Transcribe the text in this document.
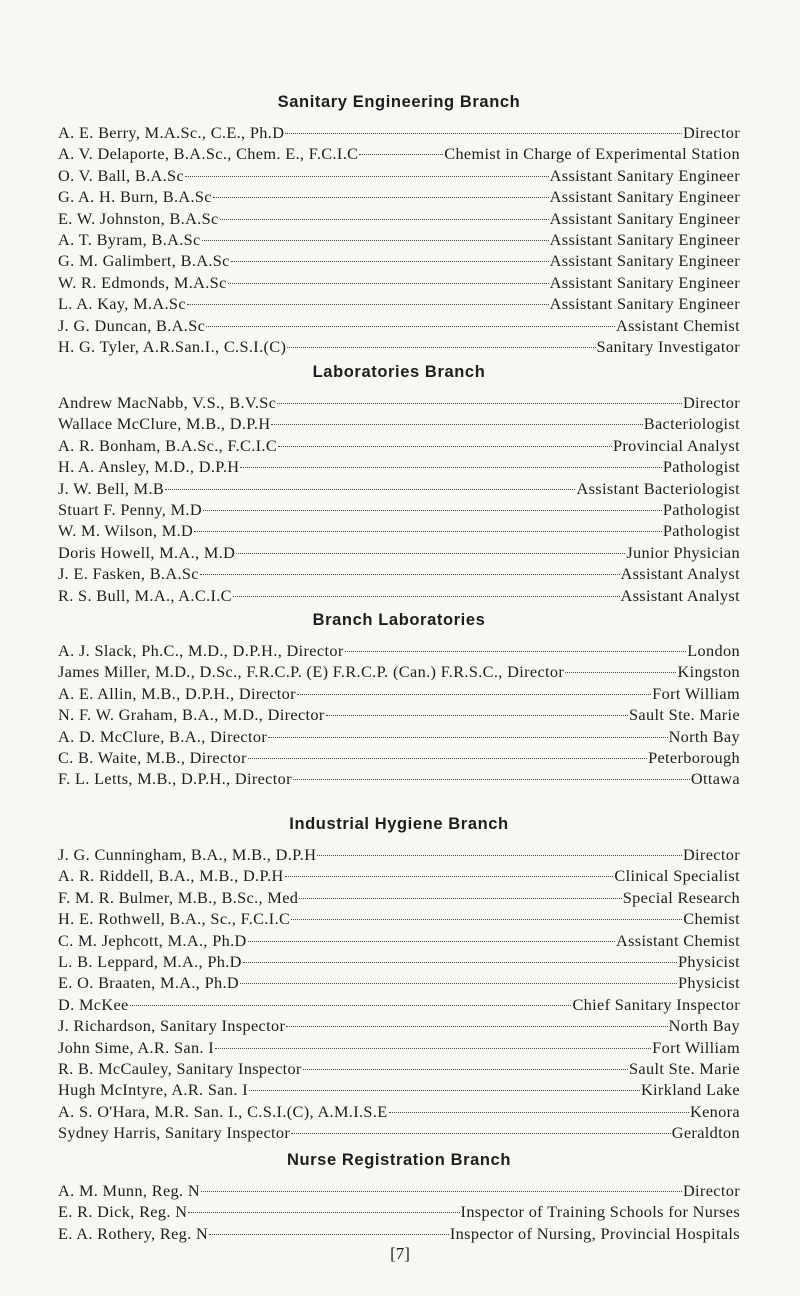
Sanitary Engineering Branch
A. E. Berry, M.A.Sc., C.E., Ph.D	Director
A. V. Delaporte, B.A.Sc., Chem. E., F.C.I.C	Chemist in Charge of Experimental Station
O. V. Ball, B.A.Sc	Assistant Sanitary Engineer
G. A. H. Burn, B.A.Sc	Assistant Sanitary Engineer
E. W. Johnston, B.A.Sc	Assistant Sanitary Engineer
A. T. Byram, B.A.Sc	Assistant Sanitary Engineer
G. M. Galimbert, B.A.Sc	Assistant Sanitary Engineer
W. R. Edmonds, M.A.Sc	Assistant Sanitary Engineer
L. A. Kay, M.A.Sc	Assistant Sanitary Engineer
J. G. Duncan, B.A.Sc	Assistant Chemist
H. G. Tyler, A.R.San.I., C.S.I.(C)	Sanitary Investigator
Laboratories Branch
Andrew MacNabb, V.S., B.V.Sc	Director
Wallace McClure, M.B., D.P.H	Bacteriologist
A. R. Bonham, B.A.Sc., F.C.I.C	Provincial Analyst
H. A. Ansley, M.D., D.P.H	Pathologist
J. W. Bell, M.B	Assistant Bacteriologist
Stuart F. Penny, M.D	Pathologist
W. M. Wilson, M.D	Pathologist
Doris Howell, M.A., M.D	Junior Physician
J. E. Fasken, B.A.Sc	Assistant Analyst
R. S. Bull, M.A., A.C.I.C	Assistant Analyst
Branch Laboratories
A. J. Slack, Ph.C., M.D., D.P.H., Director	London
James Miller, M.D., D.Sc., F.R.C.P. (E) F.R.C.P. (Can.) F.R.S.C., Director	Kingston
A. E. Allin, M.B., D.P.H., Director	Fort William
N. F. W. Graham, B.A., M.D., Director	Sault Ste. Marie
A. D. McClure, B.A., Director	North Bay
C. B. Waite, M.B., Director	Peterborough
F. L. Letts, M.B., D.P.H., Director	Ottawa
Industrial Hygiene Branch
J. G. Cunningham, B.A., M.B., D.P.H	Director
A. R. Riddell, B.A., M.B., D.P.H	Clinical Specialist
F. M. R. Bulmer, M.B., B.Sc., Med	Special Research
H. E. Rothwell, B.A., Sc., F.C.I.C	Chemist
C. M. Jephcott, M.A., Ph.D	Assistant Chemist
L. B. Leppard, M.A., Ph.D	Physicist
E. O. Braaten, M.A., Ph.D	Physicist
D. McKee	Chief Sanitary Inspector
J. Richardson, Sanitary Inspector	North Bay
John Sime, A.R. San. I	Fort William
R. B. McCauley, Sanitary Inspector	Sault Ste. Marie
Hugh McIntyre, A.R. San. I	Kirkland Lake
A. S. O'Hara, M.R. San. I., C.S.I.(C), A.M.I.S.E	Kenora
Sydney Harris, Sanitary Inspector	Geraldton
Nurse Registration Branch
A. M. Munn, Reg. N	Director
E. R. Dick, Reg. N	Inspector of Training Schools for Nurses
E. A. Rothery, Reg. N	Inspector of Nursing, Provincial Hospitals
[7]
